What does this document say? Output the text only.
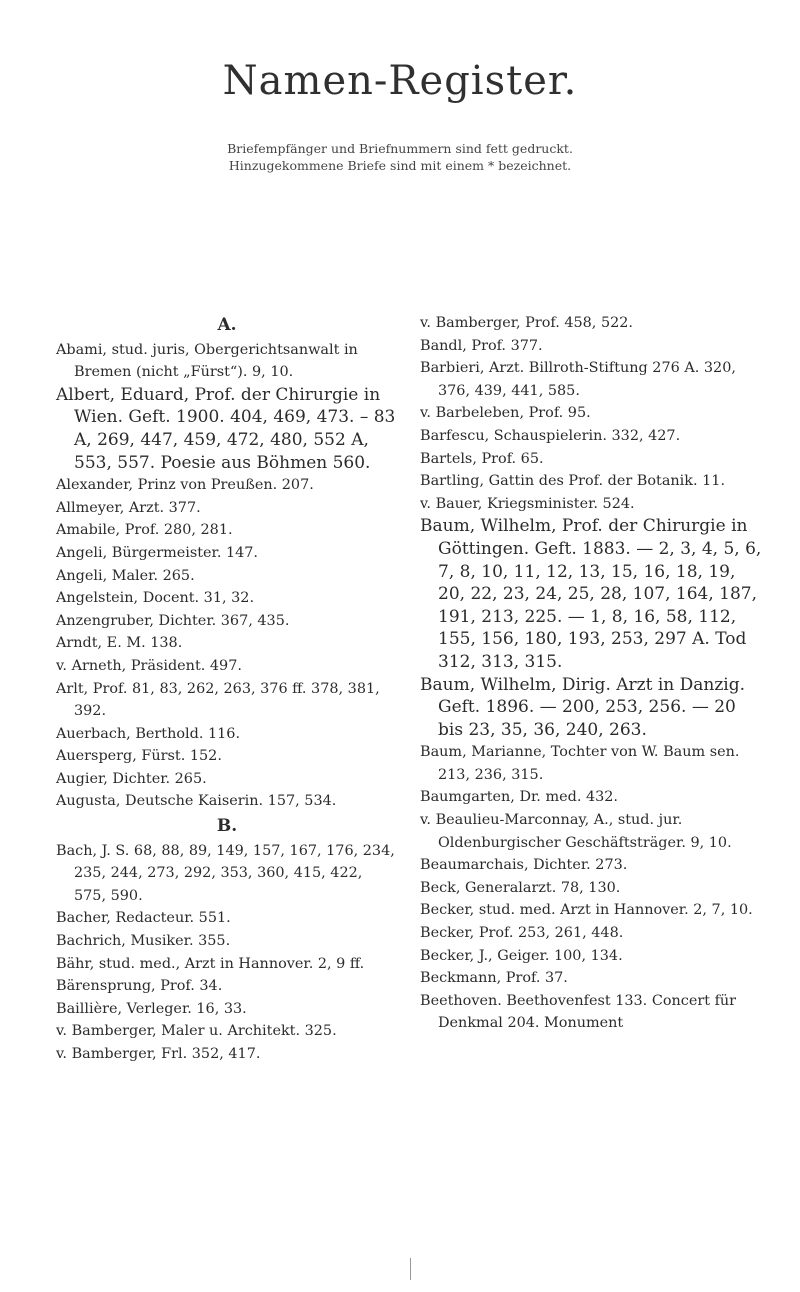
Namen-Register.
Briefempfänger und Briefnummern sind fett gedruckt.
Hinzugekommene Briefe sind mit einem * bezeichnet.
A.
Abami, stud. juris, Obergerichtsanwalt in Bremen (nicht „Fürst“). 9, 10.
Albert, Eduard, Prof. der Chirurgie in Wien. Geft. 1900. 404, 469, 473. – 83 A, 269, 447, 459, 472, 480, 552 A, 553, 557. Poesie aus Böhmen 560.
Alexander, Prinz von Preußen. 207.
Allmeyer, Arzt. 377.
Amabile, Prof. 280, 281.
Angeli, Bürgermeister. 147.
Angeli, Maler. 265.
Angelstein, Docent. 31, 32.
Anzengruber, Dichter. 367, 435.
Arndt, E. M. 138.
v. Arneth, Präsident. 497.
Arlt, Prof. 81, 83, 262, 263, 376 ff. 378, 381, 392.
Auerbach, Berthold. 116.
Auersperg, Fürst. 152.
Augier, Dichter. 265.
Augusta, Deutsche Kaiserin. 157, 534.
B.
Bach, J. S. 68, 88, 89, 149, 157, 167, 176, 234, 235, 244, 273, 292, 353, 360, 415, 422, 575, 590.
Bacher, Redacteur. 551.
Bachrich, Musiker. 355.
Bähr, stud. med., Arzt in Hannover. 2, 9 ff.
Bärensprung, Prof. 34.
Baillière, Verleger. 16, 33.
v. Bamberger, Maler u. Architekt. 325.
v. Bamberger, Frl. 352, 417.
v. Bamberger, Prof. 458, 522.
Bandl, Prof. 377.
Barbieri, Arzt. Billroth-Stiftung 276 A. 320, 376, 439, 441, 585.
v. Barbeleben, Prof. 95.
Barfescu, Schauspielerin. 332, 427.
Bartels, Prof. 65.
Bartling, Gattin des Prof. der Botanik. 11.
v. Bauer, Kriegsminister. 524.
Baum, Wilhelm, Prof. der Chirurgie in Göttingen. Geft. 1883. — 2, 3, 4, 5, 6, 7, 8, 10, 11, 12, 13, 15, 16, 18, 19, 20, 22, 23, 24, 25, 28, 107, 164, 187, 191, 213, 225. — 1, 8, 16, 58, 112, 155, 156, 180, 193, 253, 297 A. Tod 312, 313, 315.
Baum, Wilhelm, Dirig. Arzt in Danzig. Geft. 1896. — 200, 253, 256. — 20 bis 23, 35, 36, 240, 263.
Baum, Marianne, Tochter von W. Baum sen. 213, 236, 315.
Baumgarten, Dr. med. 432.
v. Beaulieu-Marconnay, A., stud. jur. Oldenburgischer Geschäftsträger. 9, 10.
Beaumarchais, Dichter. 273.
Beck, Generalarzt. 78, 130.
Becker, stud. med. Arzt in Hannover. 2, 7, 10.
Becker, Prof. 253, 261, 448.
Becker, J., Geiger. 100, 134.
Beckmann, Prof. 37.
Beethoven. Beethovenfest 133. Concert für Denkmal 204. Monument
